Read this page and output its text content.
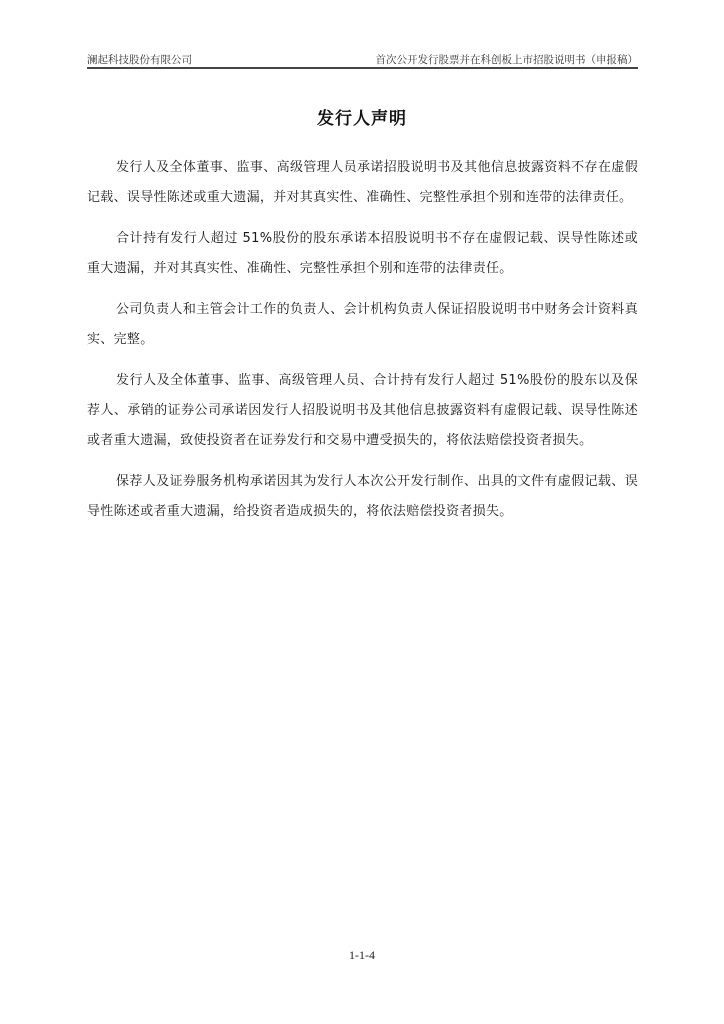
澜起科技股份有限公司	首次公开发行股票并在科创板上市招股说明书（申报稿）
发行人声明

发行人及全体董事、监事、高级管理人员承诺招股说明书及其他信息披露资料不存在虚假记载、误导性陈述或重大遗漏，并对其真实性、准确性、完整性承担个别和连带的法律责任。

合计持有发行人超过 51%股份的股东承诺本招股说明书不存在虚假记载、误导性陈述或重大遗漏，并对其真实性、准确性、完整性承担个别和连带的法律责任。

公司负责人和主管会计工作的负责人、会计机构负责人保证招股说明书中财务会计资料真实、完整。

发行人及全体董事、监事、高级管理人员、合计持有发行人超过 51%股份的股东以及保荐人、承销的证券公司承诺因发行人招股说明书及其他信息披露资料有虚假记载、误导性陈述或者重大遗漏，致使投资者在证券发行和交易中遭受损失的，将依法赔偿投资者损失。

保荐人及证券服务机构承诺因其为发行人本次公开发行制作、出具的文件有虚假记载、误导性陈述或者重大遗漏，给投资者造成损失的，将依法赔偿投资者损失。

1-1-4
